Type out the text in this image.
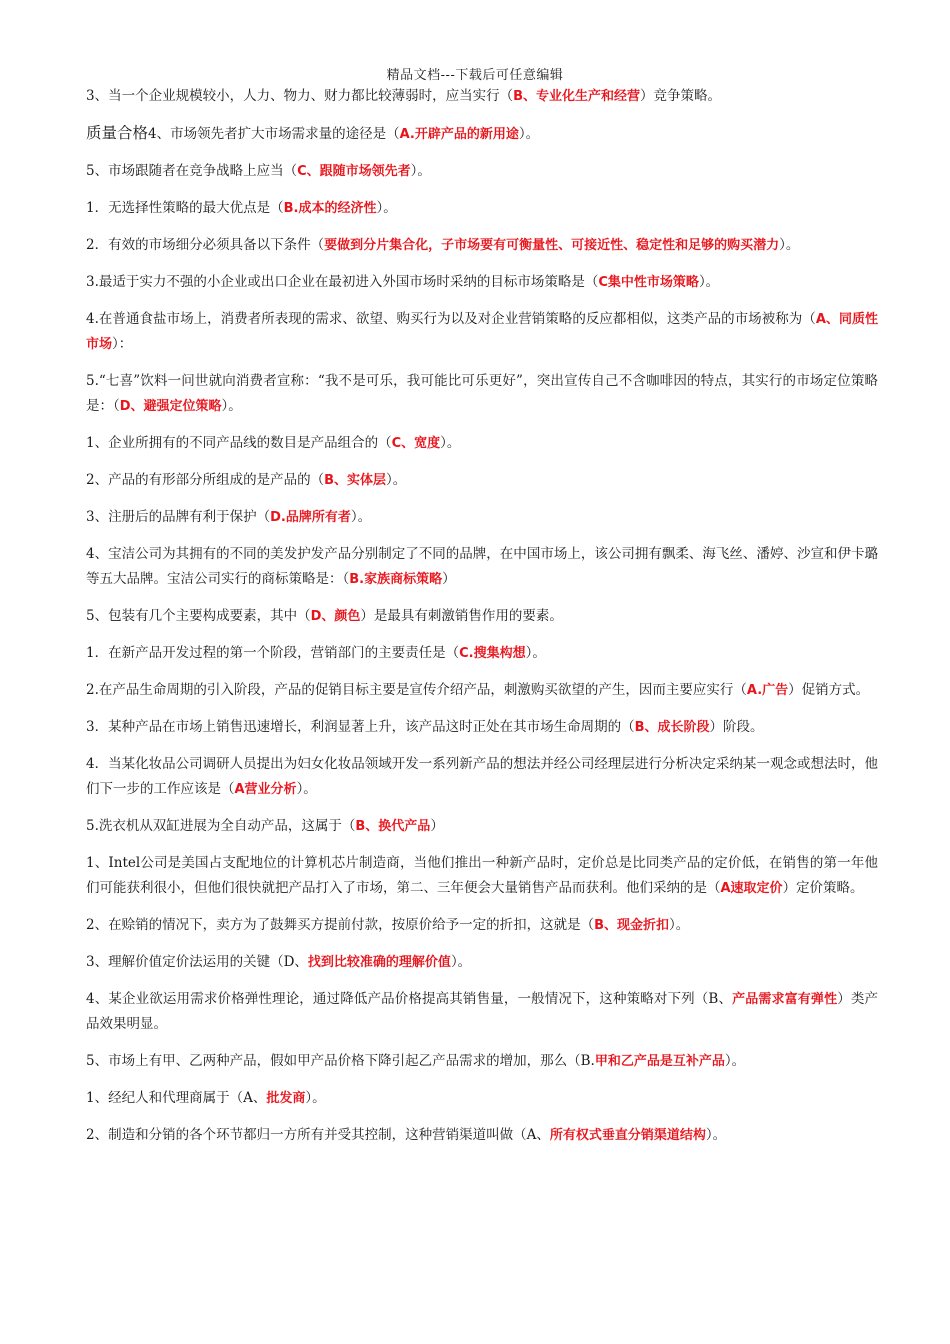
精品文档---下载后可任意编辑

3、当一个企业规模较小，人力、物力、财力都比较薄弱时，应当实行（B、专业化生产和经营）竞争策略。

质量合格4、市场领先者扩大市场需求量的途径是（A.开辟产品的新用途）。

5、市场跟随者在竞争战略上应当（C、跟随市场领先者）。

1．无选择性策略的最大优点是（B.成本的经济性）。

2．有效的市场细分必须具备以下条件（要做到分片集合化，子市场要有可衡量性、可接近性、稳定性和足够的购买潜力）。

3.最适于实力不强的小企业或出口企业在最初进入外国市场时采纳的目标市场策略是（C集中性市场策略）。

4.在普通食盐市场上，消费者所表现的需求、欲望、购买行为以及对企业营销策略的反应都相似，这类产品的市场被称为（A、同质性市场）：

5.“七喜”饮料一问世就向消费者宣称：“我不是可乐，我可能比可乐更好”，突出宣传自己不含咖啡因的特点，其实行的市场定位策略是：（D、避强定位策略）。

1、企业所拥有的不同产品线的数目是产品组合的（C、宽度）。

2、产品的有形部分所组成的是产品的（B、实体层）。

3、注册后的品牌有利于保护（D.品牌所有者）。

4、宝洁公司为其拥有的不同的美发护发产品分别制定了不同的品牌，在中国市场上，该公司拥有飘柔、海飞丝、潘婷、沙宣和伊卡璐等五大品牌。宝洁公司实行的商标策略是：（B.家族商标策略）

5、包装有几个主要构成要素，其中（D、颜色）是最具有刺激销售作用的要素。

1．在新产品开发过程的第一个阶段，营销部门的主要责任是（C.搜集构想）。

2.在产品生命周期的引入阶段，产品的促销目标主要是宣传介绍产品，刺激购买欲望的产生，因而主要应实行（A.广告）促销方式。

3．某种产品在市场上销售迅速增长，利润显著上升，该产品这时正处在其市场生命周期的（B、成长阶段）阶段。

4．当某化妆品公司调研人员提出为妇女化妆品领域开发一系列新产品的想法并经公司经理层进行分析决定采纳某一观念或想法时，他们下一步的工作应该是（A营业分析）。

5.洗衣机从双缸进展为全自动产品，这属于（B、换代产品）

1、Intel公司是美国占支配地位的计算机芯片制造商，当他们推出一种新产品时，定价总是比同类产品的定价低，在销售的第一年他们可能获利很小，但他们很快就把产品打入了市场，第二、三年便会大量销售产品而获利。他们采纳的是（A速取定价）定价策略。

2、在赊销的情况下，卖方为了鼓舞买方提前付款，按原价给予一定的折扣，这就是（B、现金折扣）。

3、理解价值定价法运用的关键（D、找到比较准确的理解价值）。

4、某企业欲运用需求价格弹性理论，通过降低产品价格提高其销售量，一般情况下，这种策略对下列（B、产品需求富有弹性）类产品效果明显。

5、市场上有甲、乙两种产品，假如甲产品价格下降引起乙产品需求的增加，那么（B.甲和乙产品是互补产品）。

1、经纪人和代理商属于（A、批发商）。

2、制造和分销的各个环节都归一方所有并受其控制，这种营销渠道叫做（A、所有权式垂直分销渠道结构）。
